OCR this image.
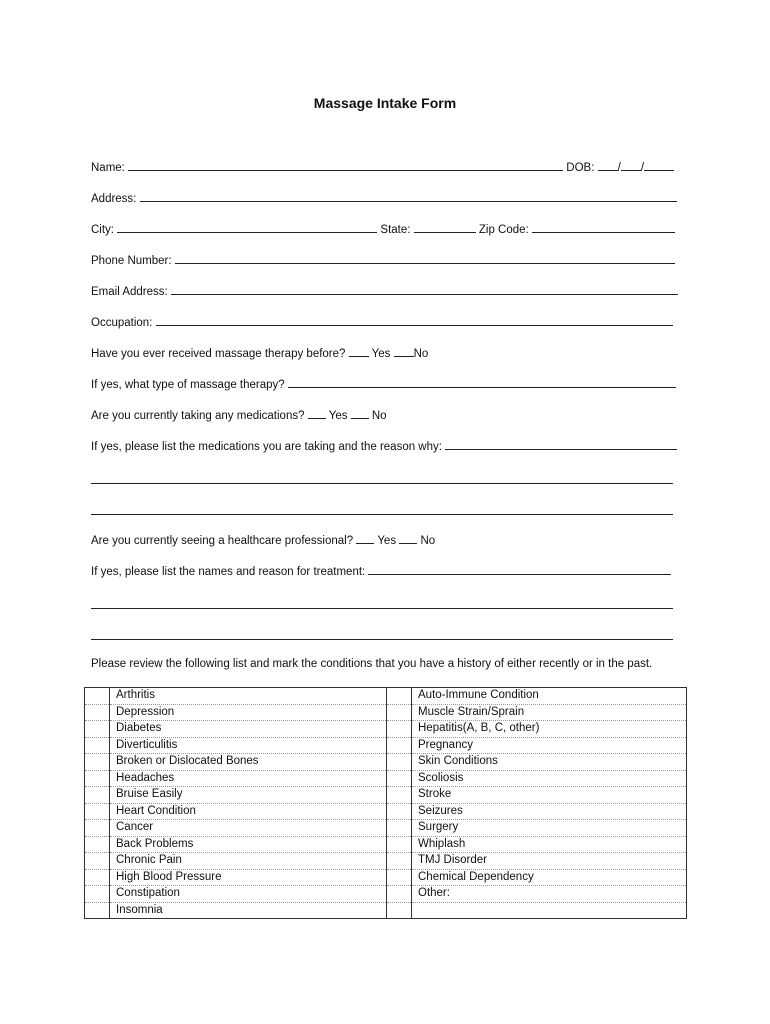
Massage Intake Form
Name:	DOB: / /
Address:
City:	State:	Zip Code:
Phone Number:
Email Address:
Occupation:
Have you ever received massage therapy before? Yes No
If yes, what type of massage therapy?
Are you currently taking any medications? Yes No
If yes, please list the medications you are taking and the reason why:
Are you currently seeing a healthcare professional? Yes No
If yes, please list the names and reason for treatment:
Please review the following list and mark the conditions that you have a history of either recently or in the past.
	Arthritis		Auto-Immune Condition
	Depression		Muscle Strain/Sprain
	Diabetes		Hepatitis(A, B, C, other)
	Diverticulitis		Pregnancy
	Broken or Dislocated Bones		Skin Conditions
	Headaches		Scoliosis
	Bruise Easily		Stroke
	Heart Condition		Seizures
	Cancer		Surgery
	Back Problems		Whiplash
	Chronic Pain		TMJ Disorder
	High Blood Pressure		Chemical Dependency
	Constipation		Other:
	Insomnia		
